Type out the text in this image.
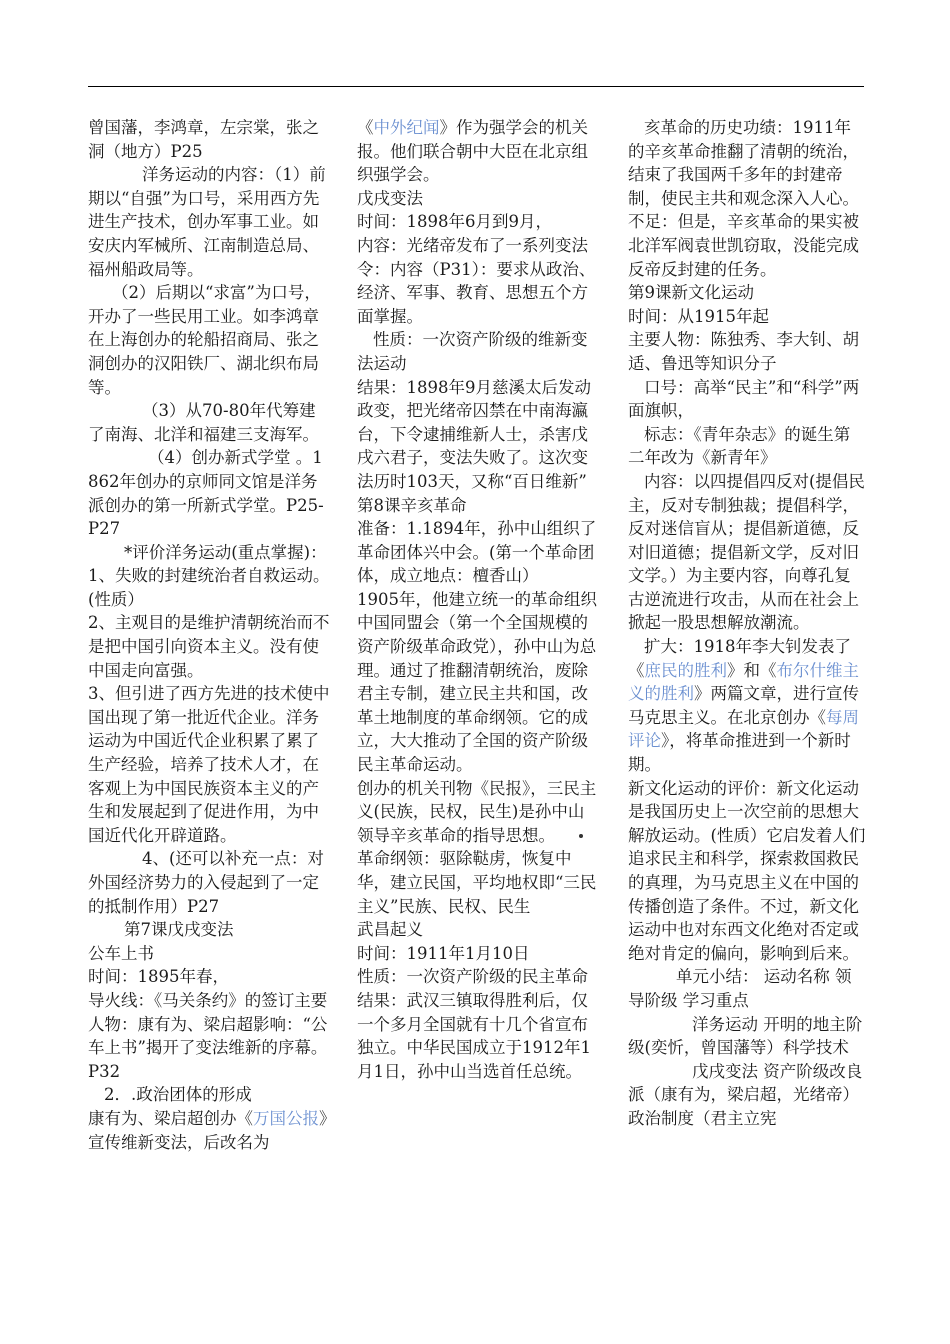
曾国藩，李鸿章，左宗棠，张之洞（地方）P25

洋务运动的内容：（1）前期以“自强”为口号，采用西方先进生产技术，创办军事工业。如安庆内军械所、江南制造总局、福州船政局等。

（2）后期以“求富”为口号，开办了一些民用工业。如李鸿章在上海创办的轮船招商局、张之洞创办的汉阳铁厂、湖北织布局等。

（3）从70-80年代筹建了南海、北洋和福建三支海军。

（4）创办新式学堂 。1862年创办的京师同文馆是洋务派创办的第一所新式学堂。P25-P27

*评价洋务运动(重点掌握)： 1、失败的封建统治者自救运动。(性质）

2、主观目的是维护清朝统治而不是把中国引向资本主义。没有使中国走向富强。

3、但引进了西方先进的技术使中国出现了第一批近代企业。洋务运动为中国近代企业积累了累了生产经验，培养了技术人才，在客观上为中国民族资本主义的产生和发展起到了促进作用，为中国近代化开辟道路。

4、(还可以补充一点：对外国经济势力的入侵起到了一定的抵制作用）P27

第7课戊戌变法

公车上书

时间：1895年春，

导火线：《马关条约》的签订主要人物：康有为、梁启超影响：“公车上书”揭开了变法维新的序幕。P32

2．.政治团体的形成

康有为、梁启超创办《万国公报》宣传维新变法，后改名为

《中外纪闻》作为强学会的机关报。他们联合朝中大臣在北京组织强学会。

戊戌变法

时间：1898年6月到9月，

内容：光绪帝发布了一系列变法令：内容（P31）：要求从政治、经济、军事、教育、思想五个方面掌握。

性质：一次资产阶级的维新变法运动

结果：1898年9月慈溪太后发动政变，把光绪帝囚禁在中南海瀛台，下令逮捕维新人士，杀害戊戌六君子，变法失败了。这次变法历时103天，又称“百日维新”

第8课辛亥革命

准备：1.1894年，孙中山组织了革命团体兴中会。(第一个革命团体，成立地点：檀香山）

1905年，他建立统一的革命组织中国同盟会（第一个全国规模的资产阶级革命政党），孙中山为总理。通过了推翻清朝统治，废除君主专制，建立民主共和国，改革土地制度的革命纲领。它的成立，大大推动了全国的资产阶级民主革命运动。

创办的机关刊物《民报》，三民主义(民族，民权，民生)是孙中山领导辛亥革命的指导思想。

革命纲领：驱除鞑虏，恢复中华，建立民国，平均地权即“三民主义”民族、民权、民生

武昌起义

时间：1911年1月10日

性质：一次资产阶级的民主革命

结果：武汉三镇取得胜利后，仅一个多月全国就有十几个省宣布独立。中华民国成立于1912年1月1日，孙中山当选首任总统。

亥革命的历史功绩：1911年的辛亥革命推翻了清朝的统治，结束了我国两千多年的封建帝制，使民主共和观念深入人心。不足：但是，辛亥革命的果实被北洋军阀袁世凯窃取，没能完成反帝反封建的任务。

第9课新文化运动

时间：从1915年起

主要人物：陈独秀、李大钊、胡适、鲁迅等知识分子

口号：高举“民主”和“科学”两面旗帜，

标志：《青年杂志》的诞生第二年改为《新青年》

内容：以四提倡四反对(提倡民主，反对专制独裁；提倡科学，反对迷信盲从；提倡新道德，反对旧道德；提倡新文学，反对旧文学。）为主要内容，向尊孔复古逆流进行攻击，从而在社会上掀起一股思想解放潮流。

扩大：1918年李大钊发表了《庶民的胜利》和《布尔什维主义的胜利》两篇文章，进行宣传马克思主义。在北京创办《每周评论》，将革命推进到一个新时期。

新文化运动的评价：新文化运动是我国历史上一次空前的思想大解放运动。(性质）它启发着人们追求民主和科学，探索救国救民的真理，为马克思主义在中国的传播创造了条件。不过，新文化运动中也对东西文化绝对否定或绝对肯定的偏向，影响到后来。

单元小结： 运动名称 领导阶级 学习重点

洋务运动 开明的地主阶级(奕忻，曾国藩等）科学技术

戊戌变法 资产阶级改良派（康有为，梁启超，光绪帝） 政治制度（君主立宪
